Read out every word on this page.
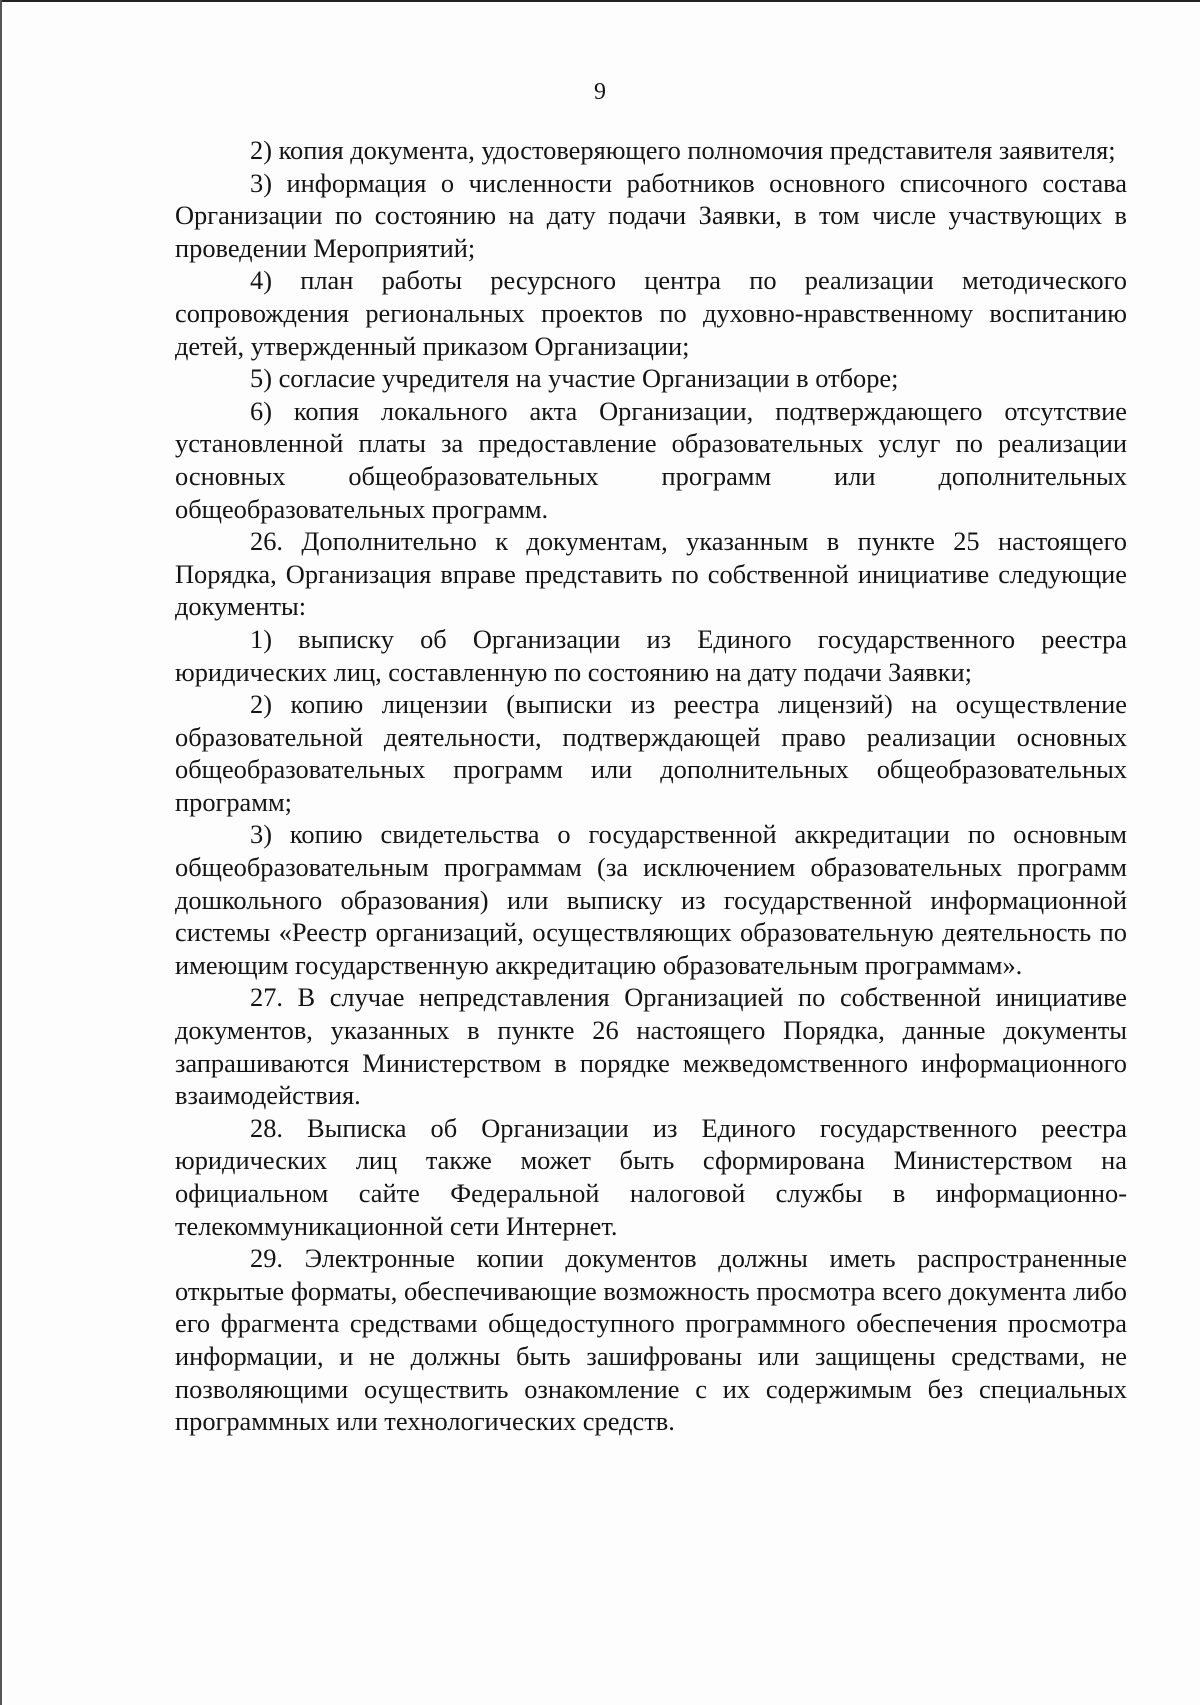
9

2) копия документа, удостоверяющего полномочия представителя заявителя;

3) информация о численности работников основного списочного состава Организации по состоянию на дату подачи Заявки, в том числе участвующих в проведении Мероприятий;

4) план работы ресурсного центра по реализации методического сопровождения региональных проектов по духовно-нравственному воспитанию детей, утвержденный приказом Организации;

5) согласие учредителя на участие Организации в отборе;

6) копия локального акта Организации, подтверждающего отсутствие установленной платы за предоставление образовательных услуг по реализации основных общеобразовательных программ или дополнительных общеобразовательных программ.

26. Дополнительно к документам, указанным в пункте 25 настоящего Порядка, Организация вправе представить по собственной инициативе следующие документы:

1) выписку об Организации из Единого государственного реестра юридических лиц, составленную по состоянию на дату подачи Заявки;

2) копию лицензии (выписки из реестра лицензий) на осуществление образовательной деятельности, подтверждающей право реализации основных общеобразовательных программ или дополнительных общеобразовательных программ;

3) копию свидетельства о государственной аккредитации по основным общеобразовательным программам (за исключением образовательных программ дошкольного образования) или выписку из государственной информационной системы «Реестр организаций, осуществляющих образовательную деятельность по имеющим государственную аккредитацию образовательным программам».

27. В случае непредставления Организацией по собственной инициативе документов, указанных в пункте 26 настоящего Порядка, данные документы запрашиваются Министерством в порядке межведомственного информационного взаимодействия.

28. Выписка об Организации из Единого государственного реестра юридических лиц также может быть сформирована Министерством на официальном сайте Федеральной налоговой службы в информационно-телекоммуникационной сети Интернет.

29. Электронные копии документов должны иметь распространенные открытые форматы, обеспечивающие возможность просмотра всего документа либо его фрагмента средствами общедоступного программного обеспечения просмотра информации, и не должны быть зашифрованы или защищены средствами, не позволяющими осуществить ознакомление с их содержимым без специальных программных или технологических средств.
